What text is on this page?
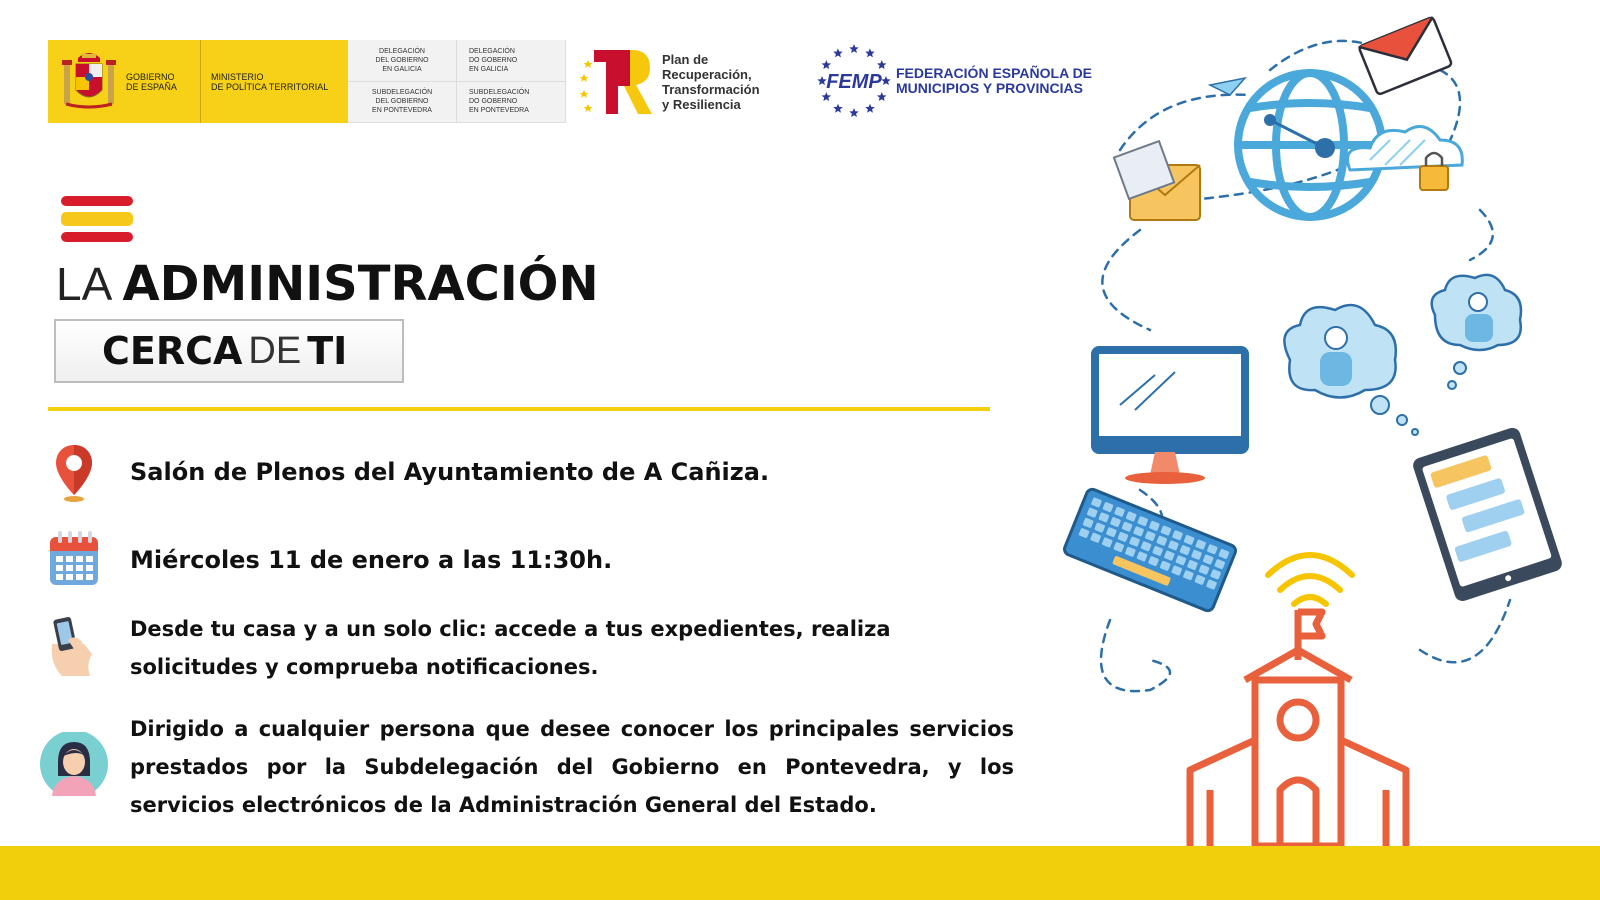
GOBIERNO
DE ESPAÑA
MINISTERIO
DE POLÍTICA TERRITORIAL
DELEGACIÓN
DEL GOBIERNO
EN GALICIA
DELEGACIÓN
DO GOBERNO
EN GALICIA
SUBDELEGACIÓN
DEL GOBIERNO
EN PONTEVEDRA
SUBDELEGACIÓN
DO GOBERNO
EN PONTEVEDRA
Plan de
Recuperación,
Transformación
y Resiliencia
FEMP FEDERACIÓN ESPAÑOLA DE
MUNICIPIOS Y PROVINCIAS
LA ADMINISTRACIÓN
CERCA DE TI
Salón de Plenos del Ayuntamiento de A Cañiza.
Miércoles 11 de enero a las 11:30h.
Desde tu casa y a un solo clic: accede a tus expedientes, realiza solicitudes y comprueba notificaciones.
Dirigido a cualquier persona que desee conocer los principales servicios prestados por la Subdelegación del Gobierno en Pontevedra, y los servicios electrónicos de la Administración General del Estado.
